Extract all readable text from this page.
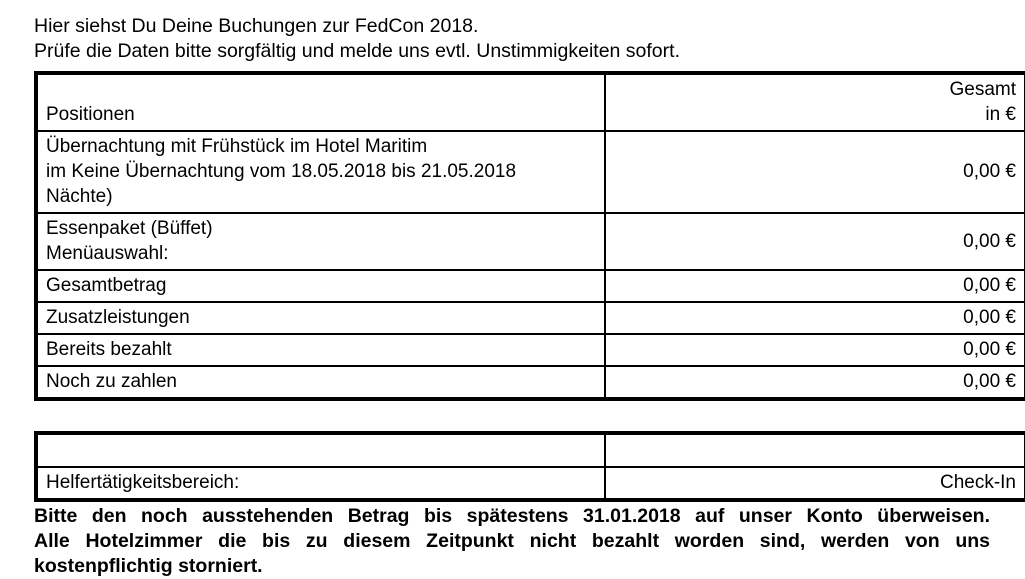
Hier siehst Du Deine Buchungen zur FedCon 2018.
Prüfe die Daten bitte sorgfältig und melde uns evtl. Unstimmigkeiten sofort.
Positionen	Gesamt
in €

Übernachtung mit Frühstück im Hotel Maritim
im Keine Übernachtung vom 18.05.2018 bis 21.05.2018
Nächte)	0,00 €

Essenpaket (Büffet)
Menüauswahl:	0,00 €

Gesamtbetrag	0,00 €

Zusatzleistungen	0,00 €

Bereits bezahlt	0,00 €

Noch zu zahlen	0,00 €

Helfertätigkeitsbereich:	Check-In
Bitte den noch ausstehenden Betrag bis spätestens 31.01.2018 auf unser Konto überweisen.
Alle Hotelzimmer die bis zu diesem Zeitpunkt nicht bezahlt worden sind, werden von uns
kostenpflichtig storniert.
